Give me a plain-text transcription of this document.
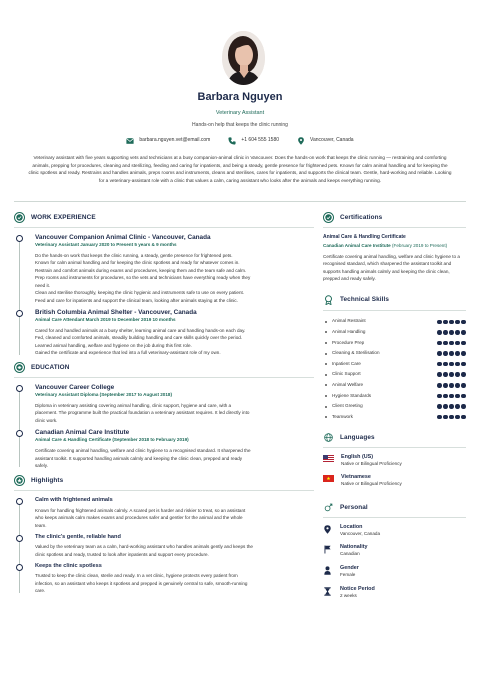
Barbara Nguyen
Veterinary Assistant
Hands-on help that keeps the clinic running
barbara.nguyen.vet@email.com	+1 604 555 1580	Vancouver, Canada
Veterinary assistant with five years supporting vets and technicians at a busy companion-animal clinic in Vancouver. Does the hands-on work that keeps the clinic running — restraining and comforting animals, prepping for procedures, cleaning and sterilizing, feeding and caring for inpatients, and being a steady, gentle presence for frightened pets. Known for calm animal handling and for keeping the clinic spotless and ready. Restrains and handles animals, preps rooms and instruments, cleans and sterilises, cares for inpatients, and supports the clinical team. Gentle, hard-working and reliable. Looking for a veterinary-assistant role with a clinic that values a calm, caring assistant who looks after the animals and keeps everything running.
WORK EXPERIENCE
Vancouver Companion Animal Clinic - Vancouver, Canada
Veterinary Assistant January 2020 to Present 5 years & 9 months
Do the hands-on work that keeps the clinic running, a steady, gentle presence for frightened pets.
Known for calm animal handling and for keeping the clinic spotless and ready for whatever comes in.
Restrain and comfort animals during exams and procedures, keeping them and the team safe and calm.
Prep rooms and instruments for procedures, so the vets and technicians have everything ready when they
need it.
Clean and sterilise thoroughly, keeping the clinic hygienic and instruments safe to use on every patient.
Feed and care for inpatients and support the clinical team, looking after animals staying at the clinic.
British Columbia Animal Shelter - Vancouver, Canada
Animal Care Attendant March 2019 to December 2019 10 months
Cared for and handled animals at a busy shelter, learning animal care and handling hands-on each day.
Fed, cleaned and comforted animals, steadily building handling and care skills quickly over the period.
Learned animal handling, welfare and hygiene on the job during this first role.
Gained the certificate and experience that led into a full veterinary-assistant role of my own.
EDUCATION
Vancouver Career College
Veterinary Assistant Diploma (September 2017 to August 2018)
Diploma in veterinary assisting covering animal handling, clinic support, hygiene and care, with a
placement. The programme built the practical foundation a veterinary assistant requires. It led directly into
clinic work.
Canadian Animal Care Institute
Animal Care & Handling Certificate (September 2018 to February 2019)
Certificate covering animal handling, welfare and clinic hygiene to a recognised standard. It sharpened the
assistant toolkit. It supported handling animals calmly and keeping the clinic clean, prepped and ready
safely.
Highlights
Calm with frightened animals
Known for handling frightened animals calmly. A scared pet is harder and riskier to treat, so an assistant
who keeps animals calm makes exams and procedures safer and gentler for the animal and the whole
team.
The clinic's gentle, reliable hand
Valued by the veterinary team as a calm, hard-working assistant who handles animals gently and keeps the
clinic spotless and ready, trusted to look after inpatients and support every procedure.
Keeps the clinic spotless
Trusted to keep the clinic clean, sterile and ready. In a vet clinic, hygiene protects every patient from
infection, so an assistant who keeps it spotless and prepped is genuinely central to safe, smooth-running
care.
Certifications
Animal Care & Handling Certificate
Canadian Animal Care Institute (February 2019 to Present)
Certificate covering animal handling, welfare and clinic hygiene to a recognised standard, which sharpened the assistant toolkit and supports handling animals calmly and keeping the clinic clean, prepped and ready safely.
Technical Skills
Animal Restraint
Animal Handling
Procedure Prep
Cleaning & Sterilisation
Inpatient Care
Clinic Support
Animal Welfare
Hygiene Standards
Client Greeting
Teamwork
Languages
English (US)
Native or Bilingual Proficiency
Vietnamese
Native or Bilingual Proficiency
Personal
Location
Vancouver, Canada
Nationality
Canadian
Gender
Female
Notice Period
2 weeks
